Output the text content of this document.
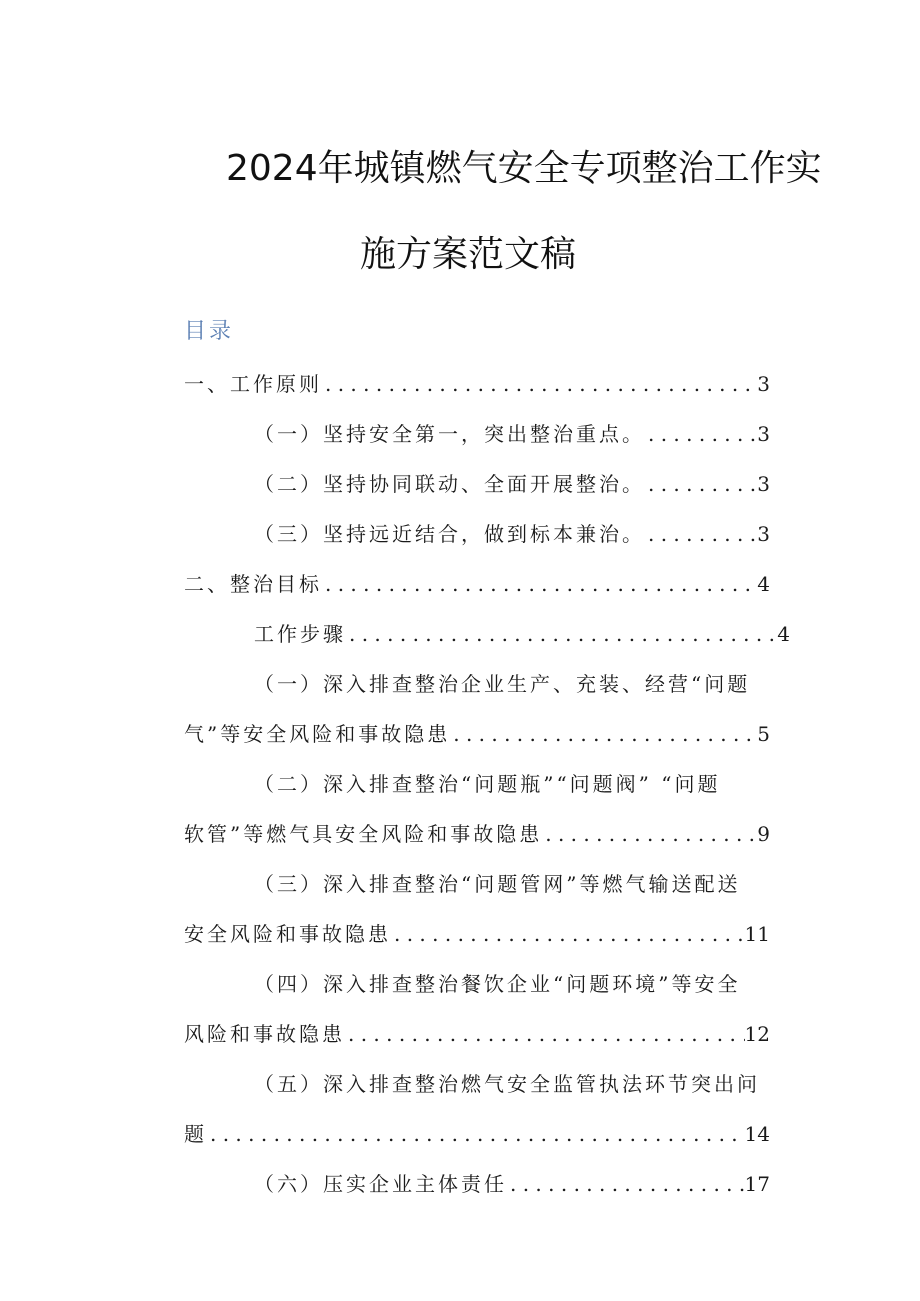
2024年城镇燃气安全专项整治工作实
施方案范文稿
目录
一、工作原则 . . .	3
（一）坚持安全第一，突出整治重点。 . . .	3
（二）坚持协同联动、全面开展整治。 . . .	3
（三）坚持远近结合，做到标本兼治。 . . .	3
二、整治目标 . . .	4
工作步骤 . . .	4
（一）深入排查整治企业生产、充装、经营“问题
气”等安全风险和事故隐患 . . .	5
（二）深入排查整治“问题瓶”“问题阀” “问题
软管”等燃气具安全风险和事故隐患 . . .	9
（三）深入排查整治“问题管网”等燃气输送配送
安全风险和事故隐患 . . .	11
（四）深入排查整治餐饮企业“问题环境”等安全
风险和事故隐患 . . .	12
（五）深入排查整治燃气安全监管执法环节突出问
题 . . .	14
（六）压实企业主体责任 . . .	17
